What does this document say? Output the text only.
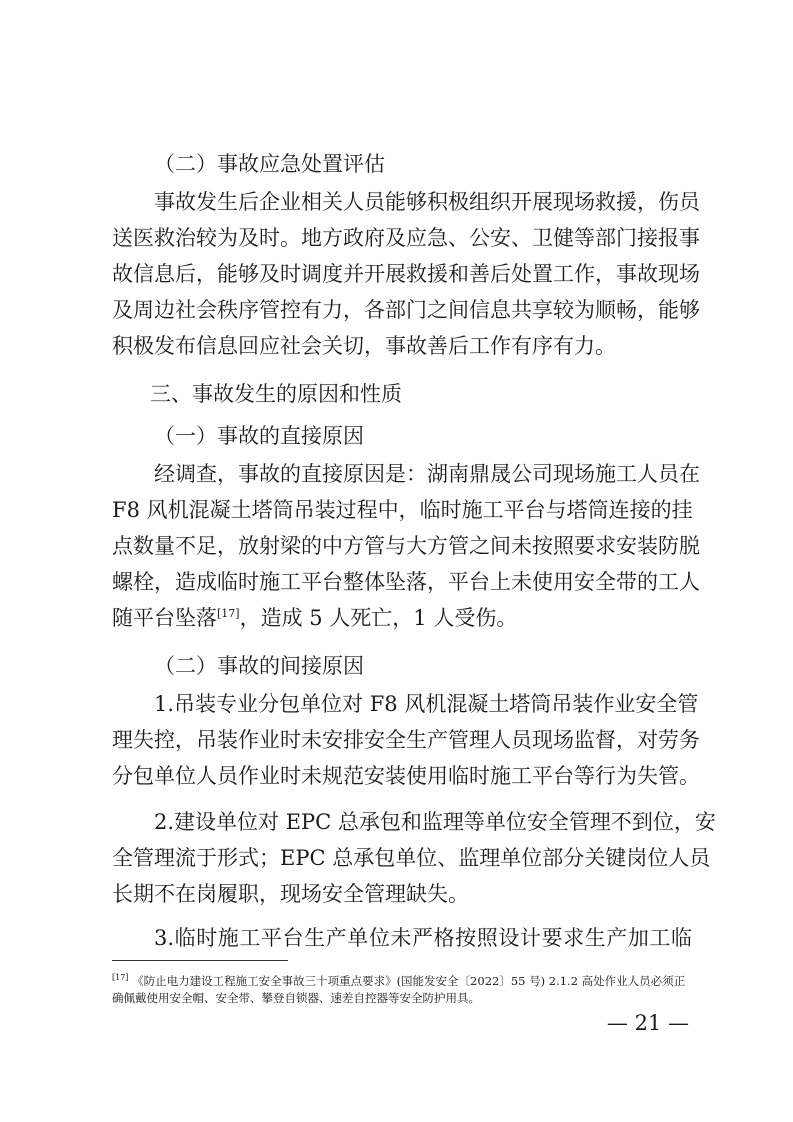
（二）事故应急处置评估

事故发生后企业相关人员能够积极组织开展现场救援，伤员

送医救治较为及时。地方政府及应急、公安、卫健等部门接报事

故信息后，能够及时调度并开展救援和善后处置工作，事故现场

及周边社会秩序管控有力，各部门之间信息共享较为顺畅，能够

积极发布信息回应社会关切，事故善后工作有序有力。

三、事故发生的原因和性质

（一）事故的直接原因

经调查，事故的直接原因是：湖南鼎晟公司现场施工人员在

F8 风机混凝土塔筒吊装过程中，临时施工平台与塔筒连接的挂

点数量不足，放射梁的中方管与大方管之间未按照要求安装防脱

螺栓，造成临时施工平台整体坠落，平台上未使用安全带的工人

随平台坠落[17]，造成 5 人死亡，1 人受伤。

（二）事故的间接原因

1.吊装专业分包单位对 F8 风机混凝土塔筒吊装作业安全管

理失控，吊装作业时未安排安全生产管理人员现场监督，对劳务

分包单位人员作业时未规范安装使用临时施工平台等行为失管。

2.建设单位对 EPC 总承包和监理等单位安全管理不到位，安

全管理流于形式；EPC 总承包单位、监理单位部分关键岗位人员

长期不在岗履职，现场安全管理缺失。

3.临时施工平台生产单位未严格按照设计要求生产加工临

[17] 《防止电力建设工程施工安全事故三十项重点要求》(国能发安全〔2022〕55 号) 2.1.2 高处作业人员必须正
确佩戴使用安全帽、安全带、攀登自锁器、速差自控器等安全防护用具。
— 21 —
